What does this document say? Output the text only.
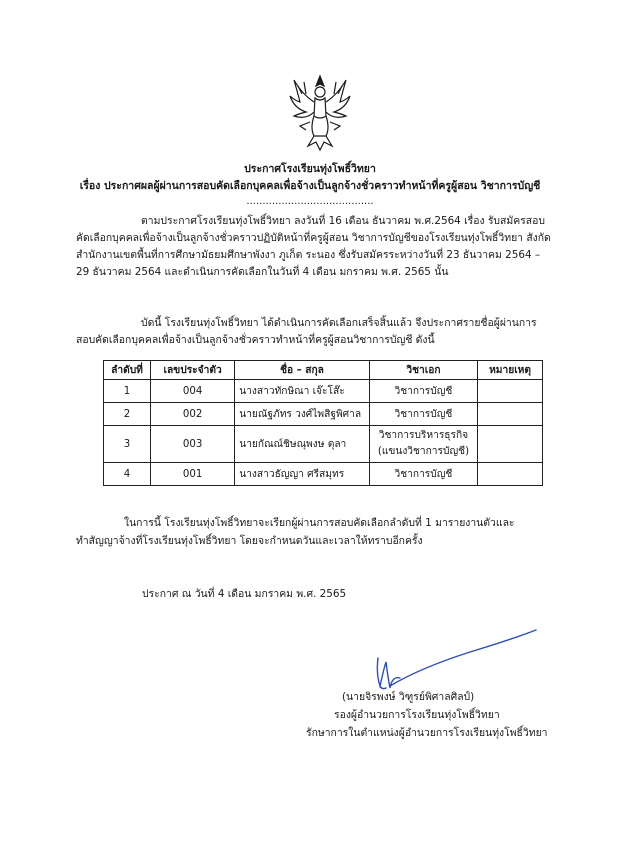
ประกาศโรงเรียนทุ่งโพธิ์วิทยา
เรื่อง ประกาศผลผู้ผ่านการสอบคัดเลือกบุคคลเพื่อจ้างเป็นลูกจ้างชั่วคราวทำหน้าที่ครูผู้สอน วิชาการบัญชี
........................................
ตามประกาศโรงเรียนทุ่งโพธิ์วิทยา ลงวันที่ 16 เดือน ธันวาคม พ.ศ.2564 เรื่อง รับสมัครสอบ
คัดเลือกบุคคลเพื่อจ้างเป็นลูกจ้างชั่วคราวปฏิบัติหน้าที่ครูผู้สอน วิชาการบัญชีของโรงเรียนทุ่งโพธิ์วิทยา สังกัด
สำนักงานเขตพื้นที่การศึกษามัธยมศึกษาพังงา ภูเก็ต ระนอง ซึ่งรับสมัครระหว่างวันที่ 23 ธันวาคม 2564 –
29 ธันวาคม 2564 และดำเนินการคัดเลือกในวันที่ 4 เดือน มกราคม พ.ศ. 2565 นั้น
บัดนี้ โรงเรียนทุ่งโพธิ์วิทยา ได้ดำเนินการคัดเลือกเสร็จสิ้นแล้ว จึงประกาศรายชื่อผู้ผ่านการ
สอบคัดเลือกบุคคลเพื่อจ้างเป็นลูกจ้างชั่วคราวทำหน้าที่ครูผู้สอนวิชาการบัญชี ดังนี้
ลำดับที่	เลขประจำตัว	ชื่อ – สกุล	วิชาเอก	หมายเหตุ
1	004	นางสาวทักษิณา เจ๊ะโส๊ะ	วิชาการบัญชี	
2	002	นายณัฐภัทร วงศ์ไพสิฐพิศาล	วิชาการบัญชี	
3	003	นายกัณณ์ชิษณุพงษ ตุลา	วิชาการบริหารธุรกิจ
(แขนงวิชาการบัญชี)	

4	001	นางสาวธัญญา ศรีสมุทร	วิชาการบัญชี	
ในการนี้ โรงเรียนทุ่งโพธิ์วิทยาจะเรียกผู้ผ่านการสอบคัดเลือกลำดับที่ 1 มารายงานตัวและ
ทำสัญญาจ้างที่โรงเรียนทุ่งโพธิ์วิทยา โดยจะกำหนดวันและเวลาให้ทราบอีกครั้ง
ประกาศ ณ วันที่ 4 เดือน มกราคม พ.ศ. 2565
(นายจิรพงษ์ วิฑูรย์พิศาลศิลป์)
รองผู้อำนวยการโรงเรียนทุ่งโพธิ์วิทยา
รักษาการในตำแหน่งผู้อำนวยการโรงเรียนทุ่งโพธิ์วิทยา
